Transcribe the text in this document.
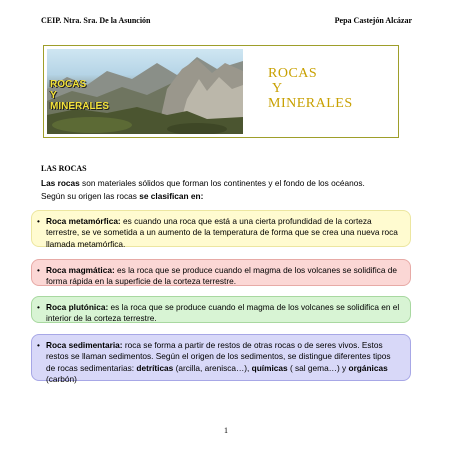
CEIP. Ntra. Sra. De la Asunción	Pepa Castejón Alcázar
ROCAS
Y
MINERALES
ROCAS
Y
MINERALES
LAS ROCAS
Las rocas son materiales sólidos que forman los continentes y el fondo de los océanos.
Según su origen las rocas se clasifican en:
• Roca metamórfica: es cuando una roca que está a una cierta profundidad de la corteza terrestre, se ve sometida a un aumento de la temperatura de forma que se crea una nueva roca llamada metamórfica.
• Roca magmática: es la roca que se produce cuando el magma de los volcanes se solidifica de forma rápida en la superficie de la corteza terrestre.
• Roca plutónica: es la roca que se produce cuando el magma de los volcanes se solidifica en el interior de la corteza terrestre.
• Roca sedimentaria: roca se forma a partir de restos de otras rocas o de seres vivos. Estos restos se llaman sedimentos. Según el origen de los sedimentos, se distingue diferentes tipos de rocas sedimentarias: detríticas (arcilla, arenisca…), químicas ( sal gema…) y orgánicas (carbón)
1
